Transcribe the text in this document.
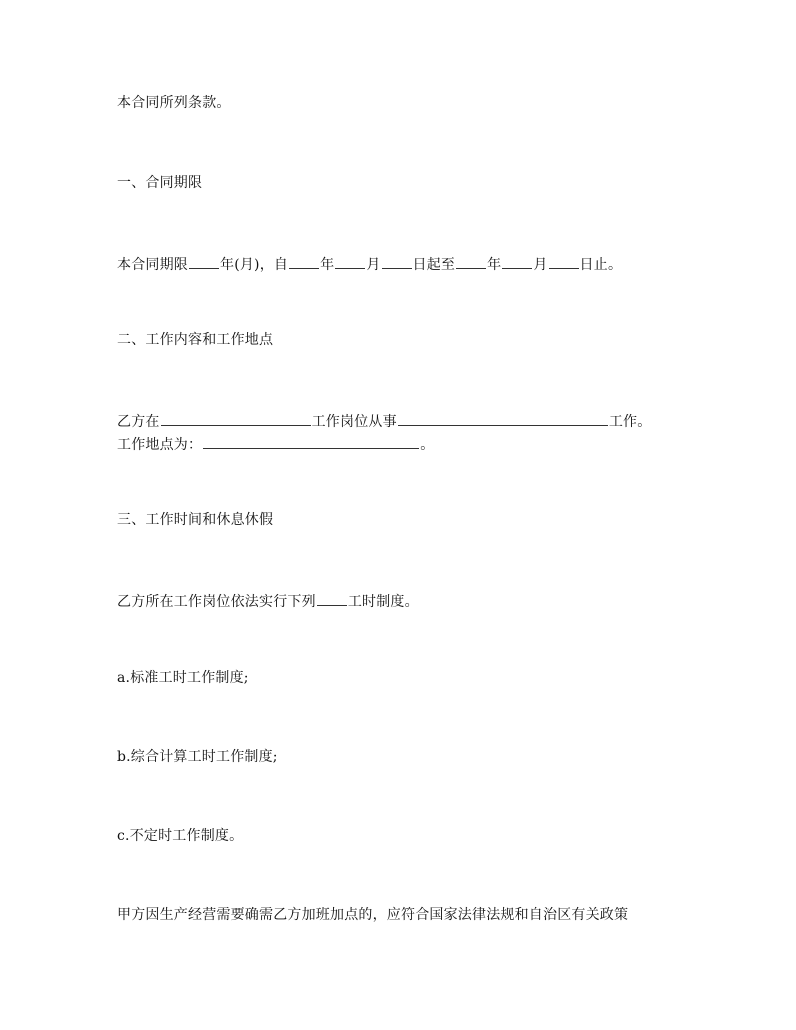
本合同所列条款。
一、合同期限
本合同期限 年(月)，自 年 月 日起至 年 月 日止。
二、工作内容和工作地点
乙方在	工作岗位从事	工作。
工作地点为：	。
三、工作时间和休息休假
乙方所在工作岗位依法实行下列 工时制度。
a.标准工时工作制度;
b.综合计算工时工作制度;
c.不定时工作制度。
甲方因生产经营需要确需乙方加班加点的，应符合国家法律法规和自治区有关政策
